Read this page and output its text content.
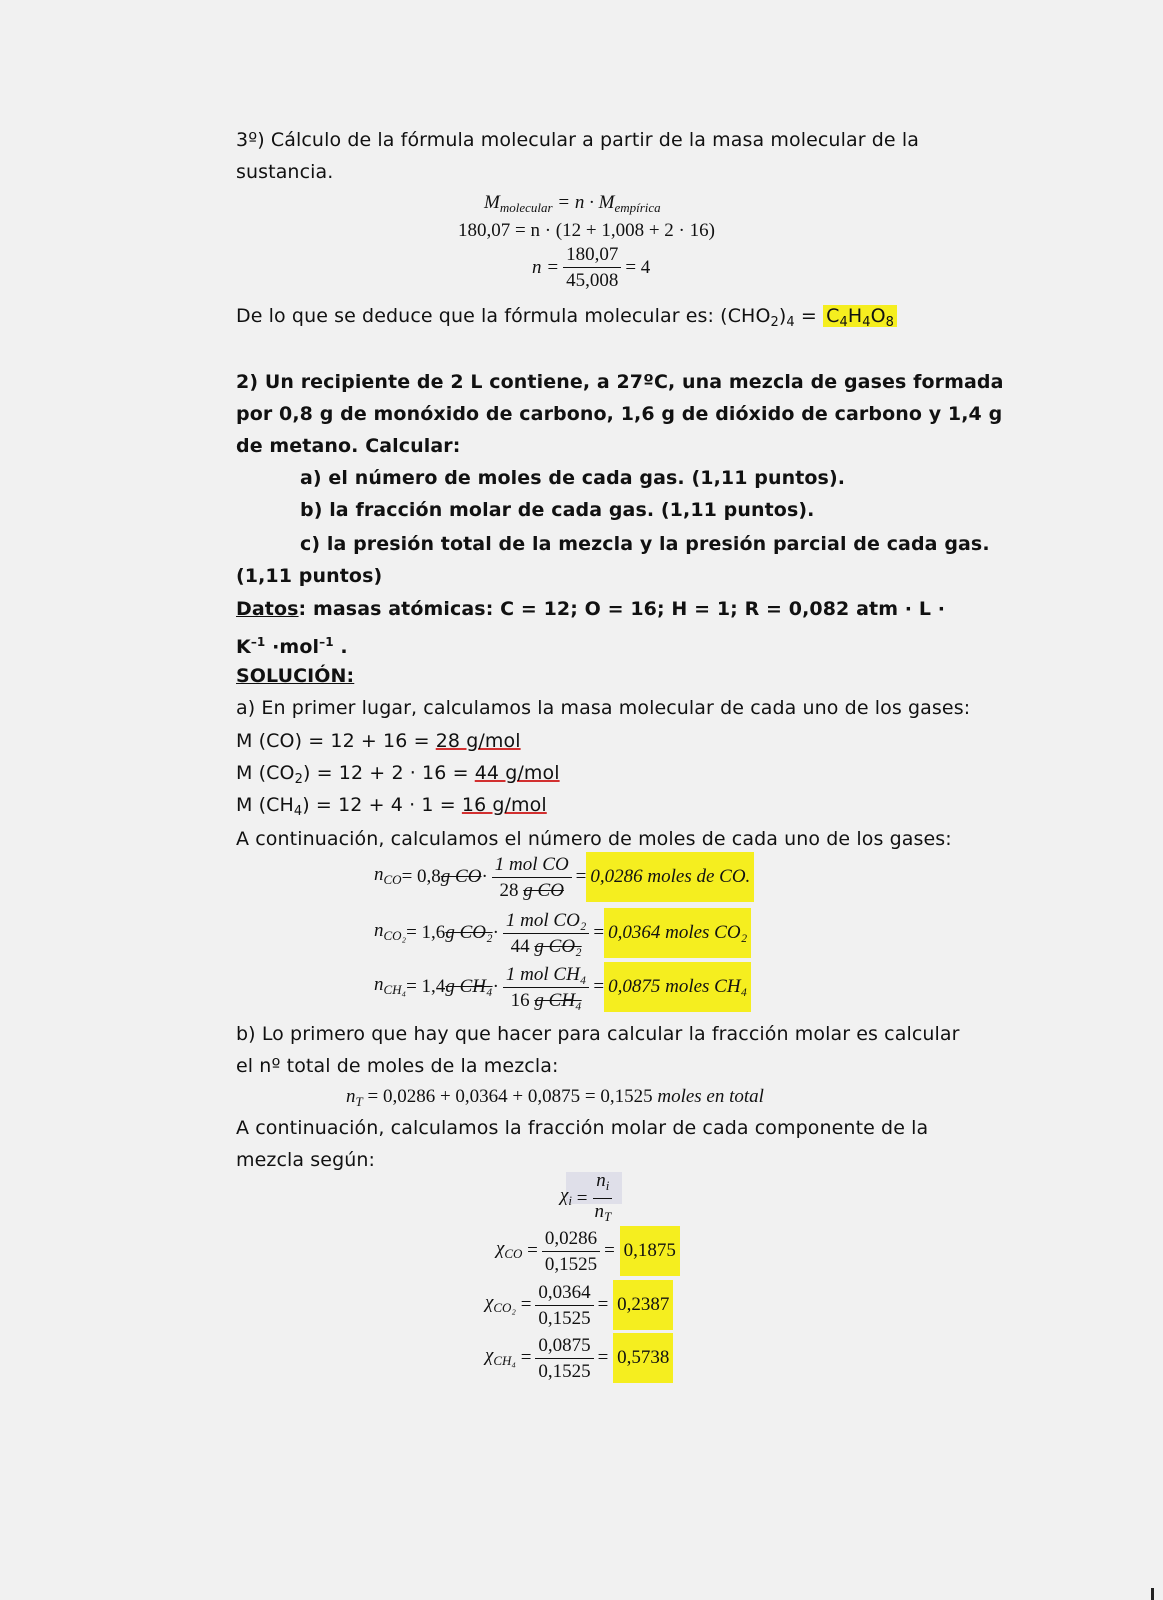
3º) Cálculo de la fórmula molecular a partir de la masa molecular de la
sustancia.
$M_{molecular} = n \cdot M_{empírica}$
180,07 = n · (12 + 1,008 + 2 · 16)
$n = \frac{180,07}{45,008} = 4$
De lo que se deduce que la fórmula molecular es: $(CHO_2)_4 = C_4H_4O_8$
2) Un recipiente de 2 L contiene, a 27ºC, una mezcla de gases formada
por 0,8 g de monóxido de carbono, 1,6 g de dióxido de carbono y 1,4 g
de metano. Calcular:
a) el número de moles de cada gas. (1,11 puntos).
b) la fracción molar de cada gas. (1,11 puntos).
c) la presión total de la mezcla y la presión parcial de cada gas.
(1,11 puntos)
Datos: masas atómicas: C = 12; O = 16; H = 1; R = 0,082 atm · L ·
$K^{-1} \cdot mol^{-1}$ .
SOLUCIÓN:
a) En primer lugar, calculamos la masa molecular de cada uno de los gases:
M (CO) = 12 + 16 = 28 g/mol
M $(CO_2) = 12 + 2 \cdot 16 = 44$ g/mol
M $(CH_4) = 12 + 4 \cdot 1 = 16$ g/mol
A continuación, calculamos el número de moles de cada uno de los gases:
$n_{CO} = 0,8$ g CO · $\frac{\text{1 mol CO}}{\text{28 g CO}} = 0,0286$ moles de CO.
$n_{CO_2} = 1,6$ g $CO_2 \cdot \frac{\text{1 mol CO₂}}{\text{44 g CO₂}} = 0,0364$ moles CO₂
$n_{CH_4} = 1,4$ g $CH_4 \cdot \frac{\text{1 mol CH₄}}{\text{16 g CH₄}} = 0,0875$ moles CH₄
b) Lo primero que hay que hacer para calcular la fracción molar es calcular
el nº total de moles de la mezcla:
$n_T = 0,0286 + 0,0364 + 0,0875 = 0,1525$ moles en total
A continuación, calculamos la fracción molar de cada componente de la
mezcla según:
$\chi_i = \frac{n_i}{n_T}$
$\chi_{CO} = \frac{0,0286}{0,1525} = 0,1875$
$\chi_{CO_2} = \frac{0,0364}{0,1525} = 0,2387$
$\chi_{CH_4} = \frac{0,0875}{0,1525} = 0,5738$
